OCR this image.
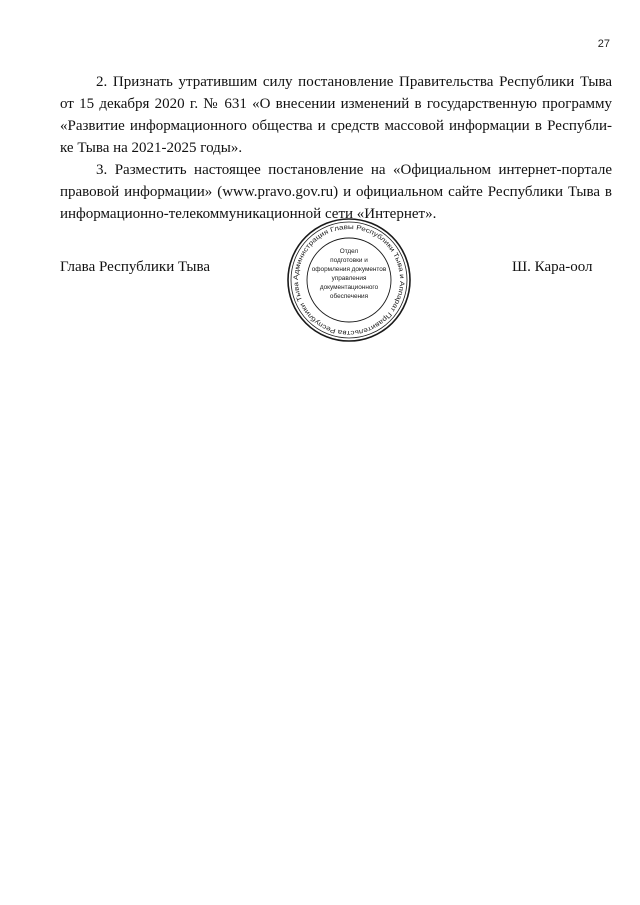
27
2. Признать утратившим силу постановление Правительства Республики Тыва
от 15 декабря 2020 г. № 631 «О внесении изменений в государственную программу
«Развитие информационного общества и средств массовой информации в Республи-
ке Тыва на 2021-2025 годы».
3. Разместить настоящее постановление на «Официальном интернет-портале
правовой информации» (www.pravo.gov.ru) и официальном сайте Республики Тыва в
информационно-телекоммуникационной сети «Интернет».
Глава Республики Тыва	Ш. Кара-оол
Администрация Главы Республики Тыва и Аппарат Правительства Республики Тыва
Отдел
подготовки и
оформления документов
управления
документационного
обеспечения
